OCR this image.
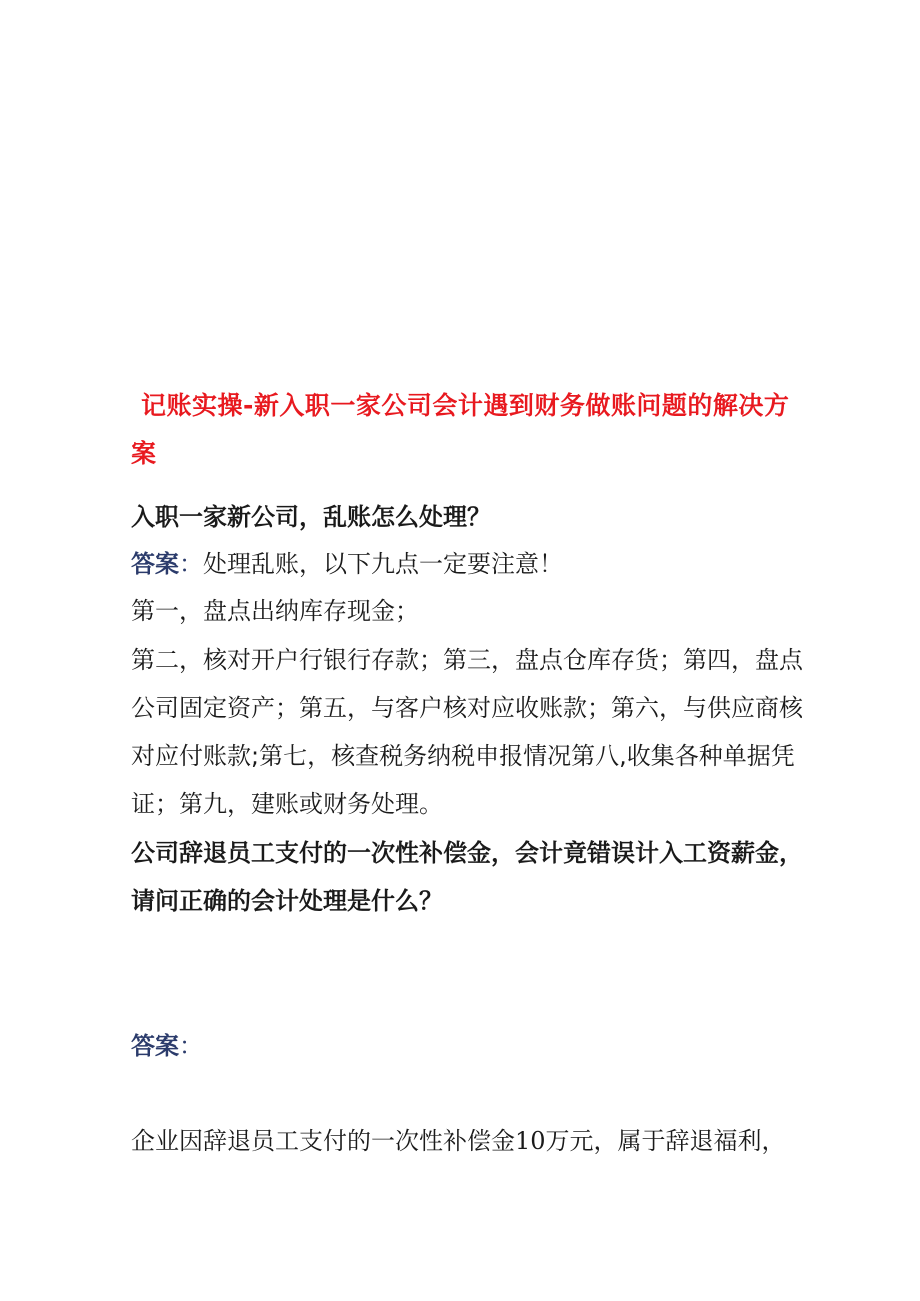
记账实操-新入职一家公司会计遇到财务做账问题的解决方案
入职一家新公司，乱账怎么处理？
答案：处理乱账，以下九点一定要注意！
第一，盘点出纳库存现金；
第二，核对开户行银行存款；第三，盘点仓库存货；第四，盘点公司固定资产；第五，与客户核对应收账款；第六，与供应商核对应付账款;第七，核查税务纳税申报情况第八,收集各种单据凭证；第九，建账或财务处理。
公司辞退员工支付的一次性补偿金，会计竟错误计入工资薪金，请问正确的会计处理是什么？
答案：
企业因辞退员工支付的一次性补偿金10万元，属于辞退福利，
